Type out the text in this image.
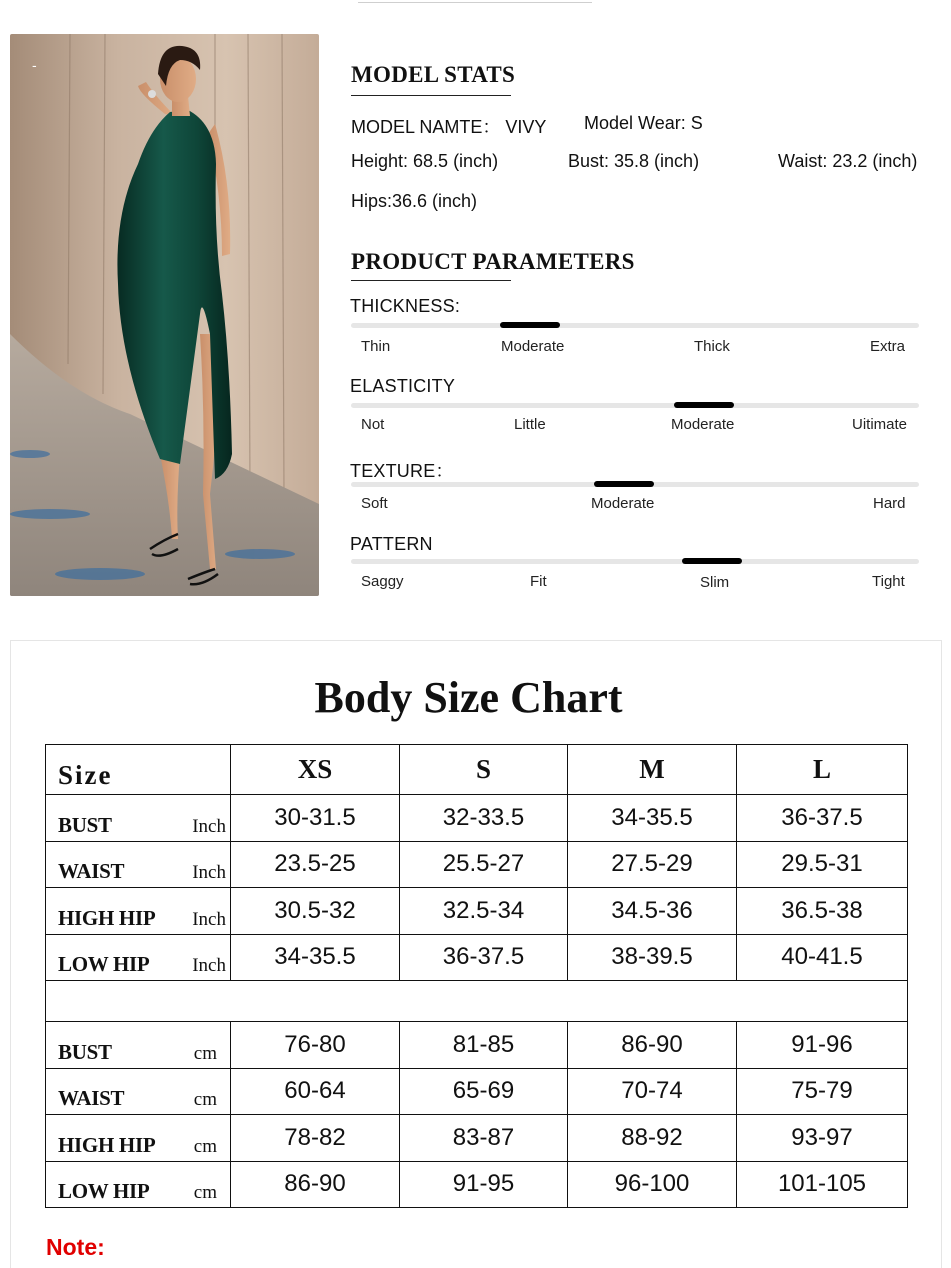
-	MODEL STATS
MODEL NAMTE： VIVY Model Wear: S
Height: 68.5 (inch)	Bust: 35.8 (inch)	Waist: 23.2 (inch)
Hips:36.6 (inch)
PRODUCT PARAMETERS
THICKNESS:
Thin	Moderate	Thick	Extra
ELASTICITY
Not	Little	Moderate	Uitimate
TEXTURE：
Soft	Moderate	Hard
PATTERN
Saggy	Fit	Slim	Tight
Body Size Chart
Size	XS	S	M	L
BUST Inch	30-31.5	32-33.5	34-35.5	36-37.5
WAIST Inch	23.5-25	25.5-27	27.5-29	29.5-31
HIGH HIP Inch	30.5-32	32.5-34	34.5-36	36.5-38
LOW HIP Inch	34-35.5	36-37.5	38-39.5	40-41.5

BUST cm	76-80	81-85	86-90	91-96
WAIST cm	60-64	65-69	70-74	75-79
HIGH HIP cm	78-82	83-87	88-92	93-97
LOW HIP cm	86-90	91-95	96-100	101-105
Note:
